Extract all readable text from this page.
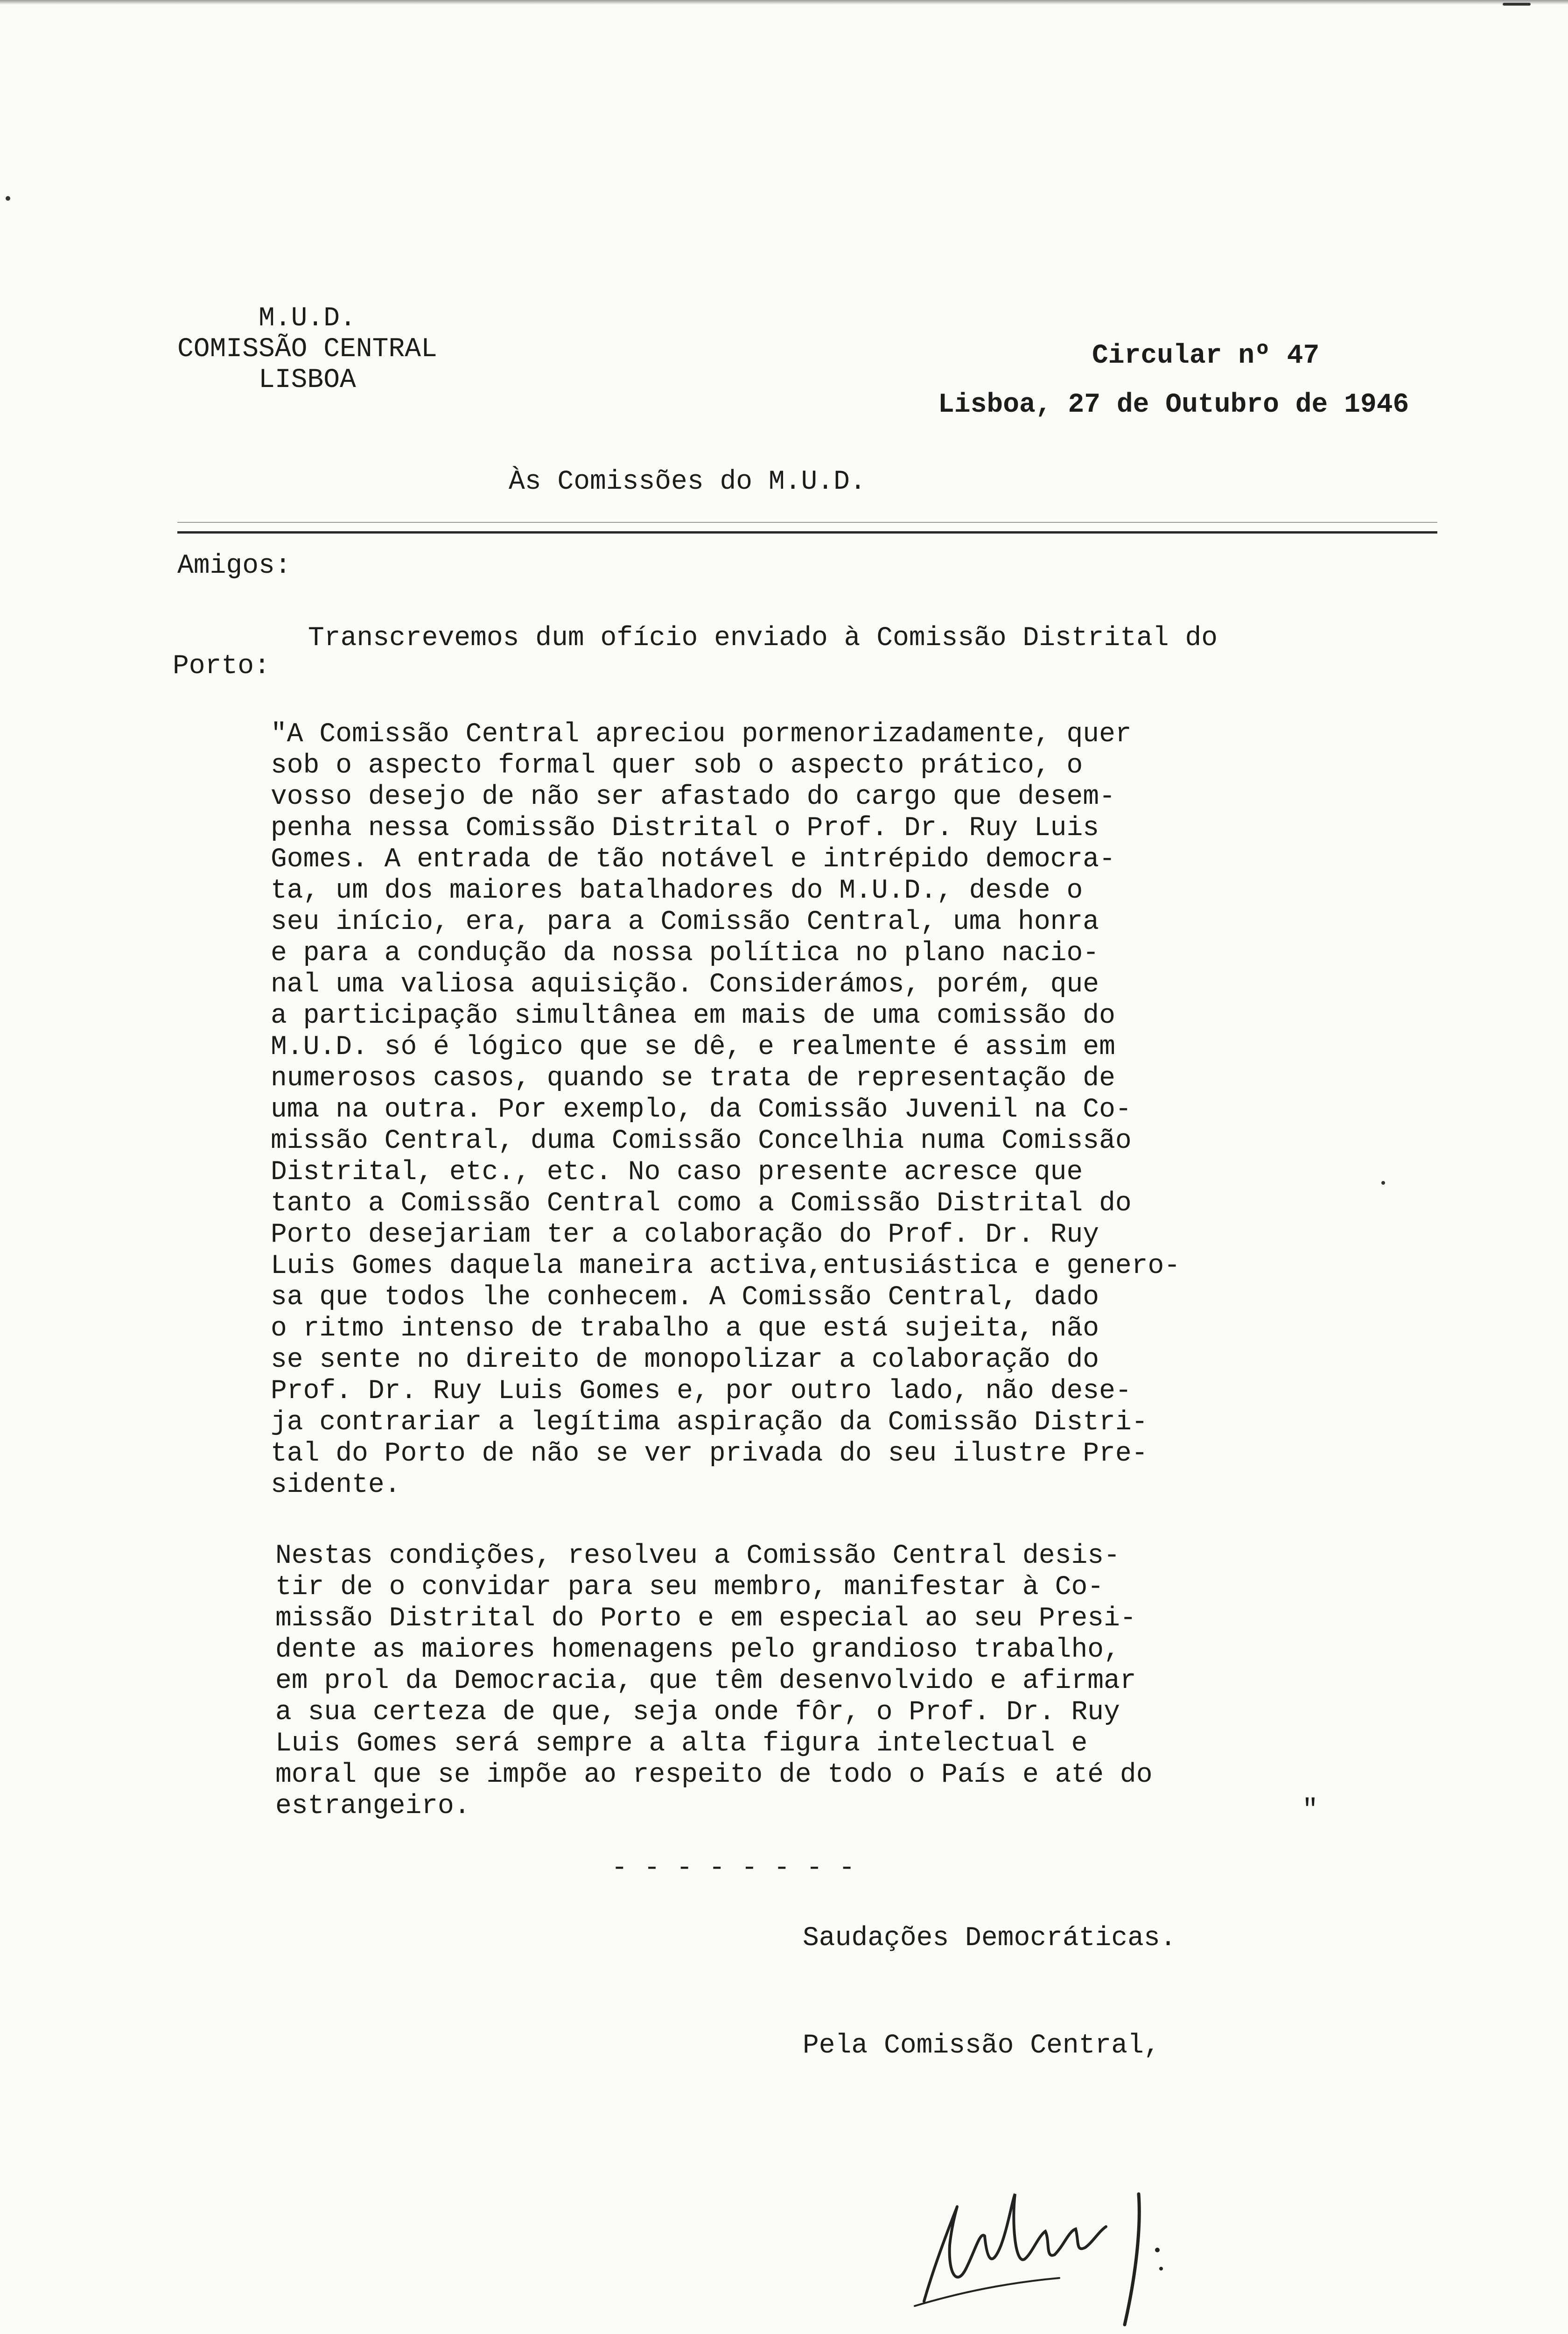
M.U.D.
COMISSÃO CENTRAL
LISBOA
Circular nº 47
Lisboa, 27 de Outubro de 1946
Às Comissões do M.U.D.
Amigos:
Transcrevemos dum ofício enviado à Comissão Distrital do
Porto:
"A Comissão Central apreciou pormenorizadamente, quer
sob o aspecto formal quer sob o aspecto prático, o
vosso desejo de não ser afastado do cargo que desem-
penha nessa Comissão Distrital o Prof. Dr. Ruy Luis
Gomes. A entrada de tão notável e intrépido democra-
ta, um dos maiores batalhadores do M.U.D., desde o
seu início, era, para a Comissão Central, uma honra
e para a condução da nossa política no plano nacio-
nal uma valiosa aquisição. Considerámos, porém, que
a participação simultânea em mais de uma comissão do
M.U.D. só é lógico que se dê, e realmente é assim em
numerosos casos, quando se trata de representação de
uma na outra. Por exemplo, da Comissão Juvenil na Co-
missão Central, duma Comissão Concelhia numa Comissão
Distrital, etc., etc. No caso presente acresce que
tanto a Comissão Central como a Comissão Distrital do
Porto desejariam ter a colaboração do Prof. Dr. Ruy
Luis Gomes daquela maneira activa,entusiástica e genero-
sa que todos lhe conhecem. A Comissão Central, dado
o ritmo intenso de trabalho a que está sujeita, não
se sente no direito de monopolizar a colaboração do
Prof. Dr. Ruy Luis Gomes e, por outro lado, não dese-
ja contrariar a legítima aspiração da Comissão Distri-
tal do Porto de não se ver privada do seu ilustre Pre-
sidente.
Nestas condições, resolveu a Comissão Central desis-
tir de o convidar para seu membro, manifestar à Co-
missão Distrital do Porto e em especial ao seu Presi-
dente as maiores homenagens pelo grandioso trabalho,
em prol da Democracia, que têm desenvolvido e afirmar
a sua certeza de que, seja onde fôr, o Prof. Dr. Ruy
Luis Gomes será sempre a alta figura intelectual e
moral que se impõe ao respeito de todo o País e até do
estrangeiro.	"
- - - - - - - -
Saudações Democráticas.
Pela Comissão Central,
